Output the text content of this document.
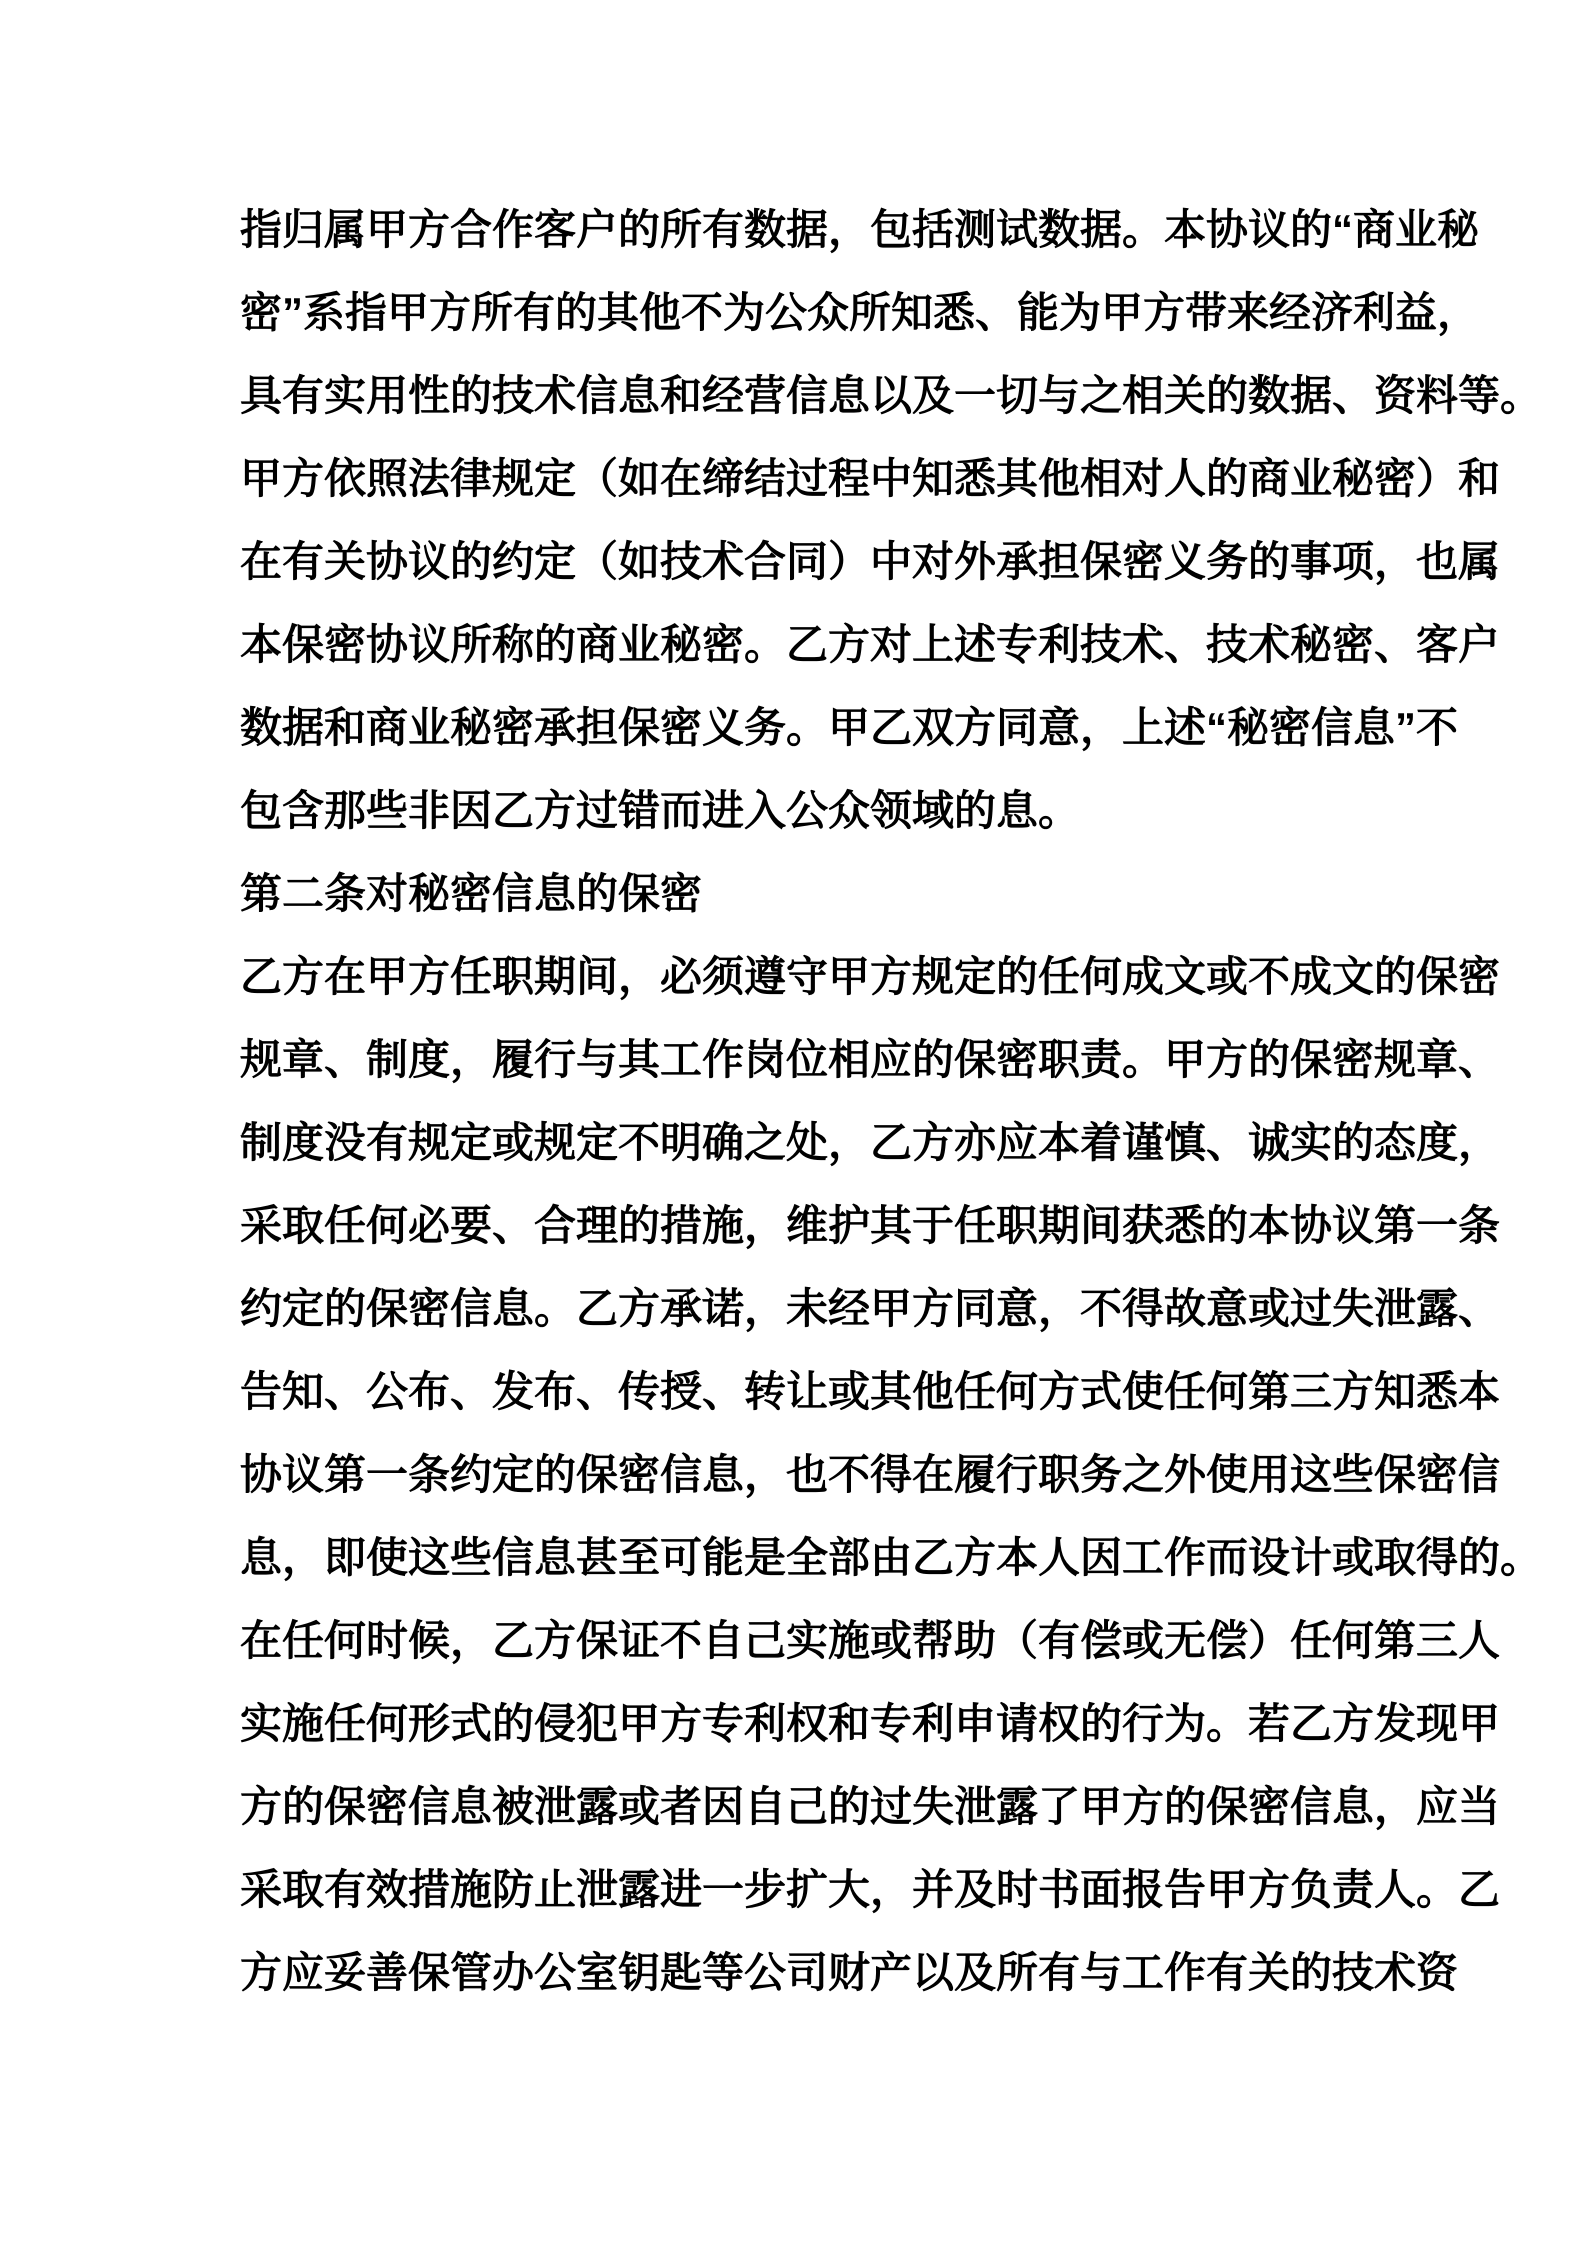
指归属甲方合作客户的所有数据，包括测试数据。本协议的“商业秘
密”系指甲方所有的其他不为公众所知悉、能为甲方带来经济利益，
具有实用性的技术信息和经营信息以及一切与之相关的数据、资料等。
甲方依照法律规定（如在缔结过程中知悉其他相对人的商业秘密）和
在有关协议的约定（如技术合同）中对外承担保密义务的事项，也属
本保密协议所称的商业秘密。乙方对上述专利技术、技术秘密、客户
数据和商业秘密承担保密义务。甲乙双方同意，上述“秘密信息”不
包含那些非因乙方过错而进入公众领域的息。
第二条对秘密信息的保密
乙方在甲方任职期间，必须遵守甲方规定的任何成文或不成文的保密
规章、制度，履行与其工作岗位相应的保密职责。甲方的保密规章、
制度没有规定或规定不明确之处，乙方亦应本着谨慎、诚实的态度，
采取任何必要、合理的措施，维护其于任职期间获悉的本协议第一条
约定的保密信息。乙方承诺，未经甲方同意，不得故意或过失泄露、
告知、公布、发布、传授、转让或其他任何方式使任何第三方知悉本
协议第一条约定的保密信息，也不得在履行职务之外使用这些保密信
息，即使这些信息甚至可能是全部由乙方本人因工作而设计或取得的。
在任何时候，乙方保证不自己实施或帮助（有偿或无偿）任何第三人
实施任何形式的侵犯甲方专利权和专利申请权的行为。若乙方发现甲
方的保密信息被泄露或者因自己的过失泄露了甲方的保密信息，应当
采取有效措施防止泄露进一步扩大，并及时书面报告甲方负责人。乙
方应妥善保管办公室钥匙等公司财产以及所有与工作有关的技术资
